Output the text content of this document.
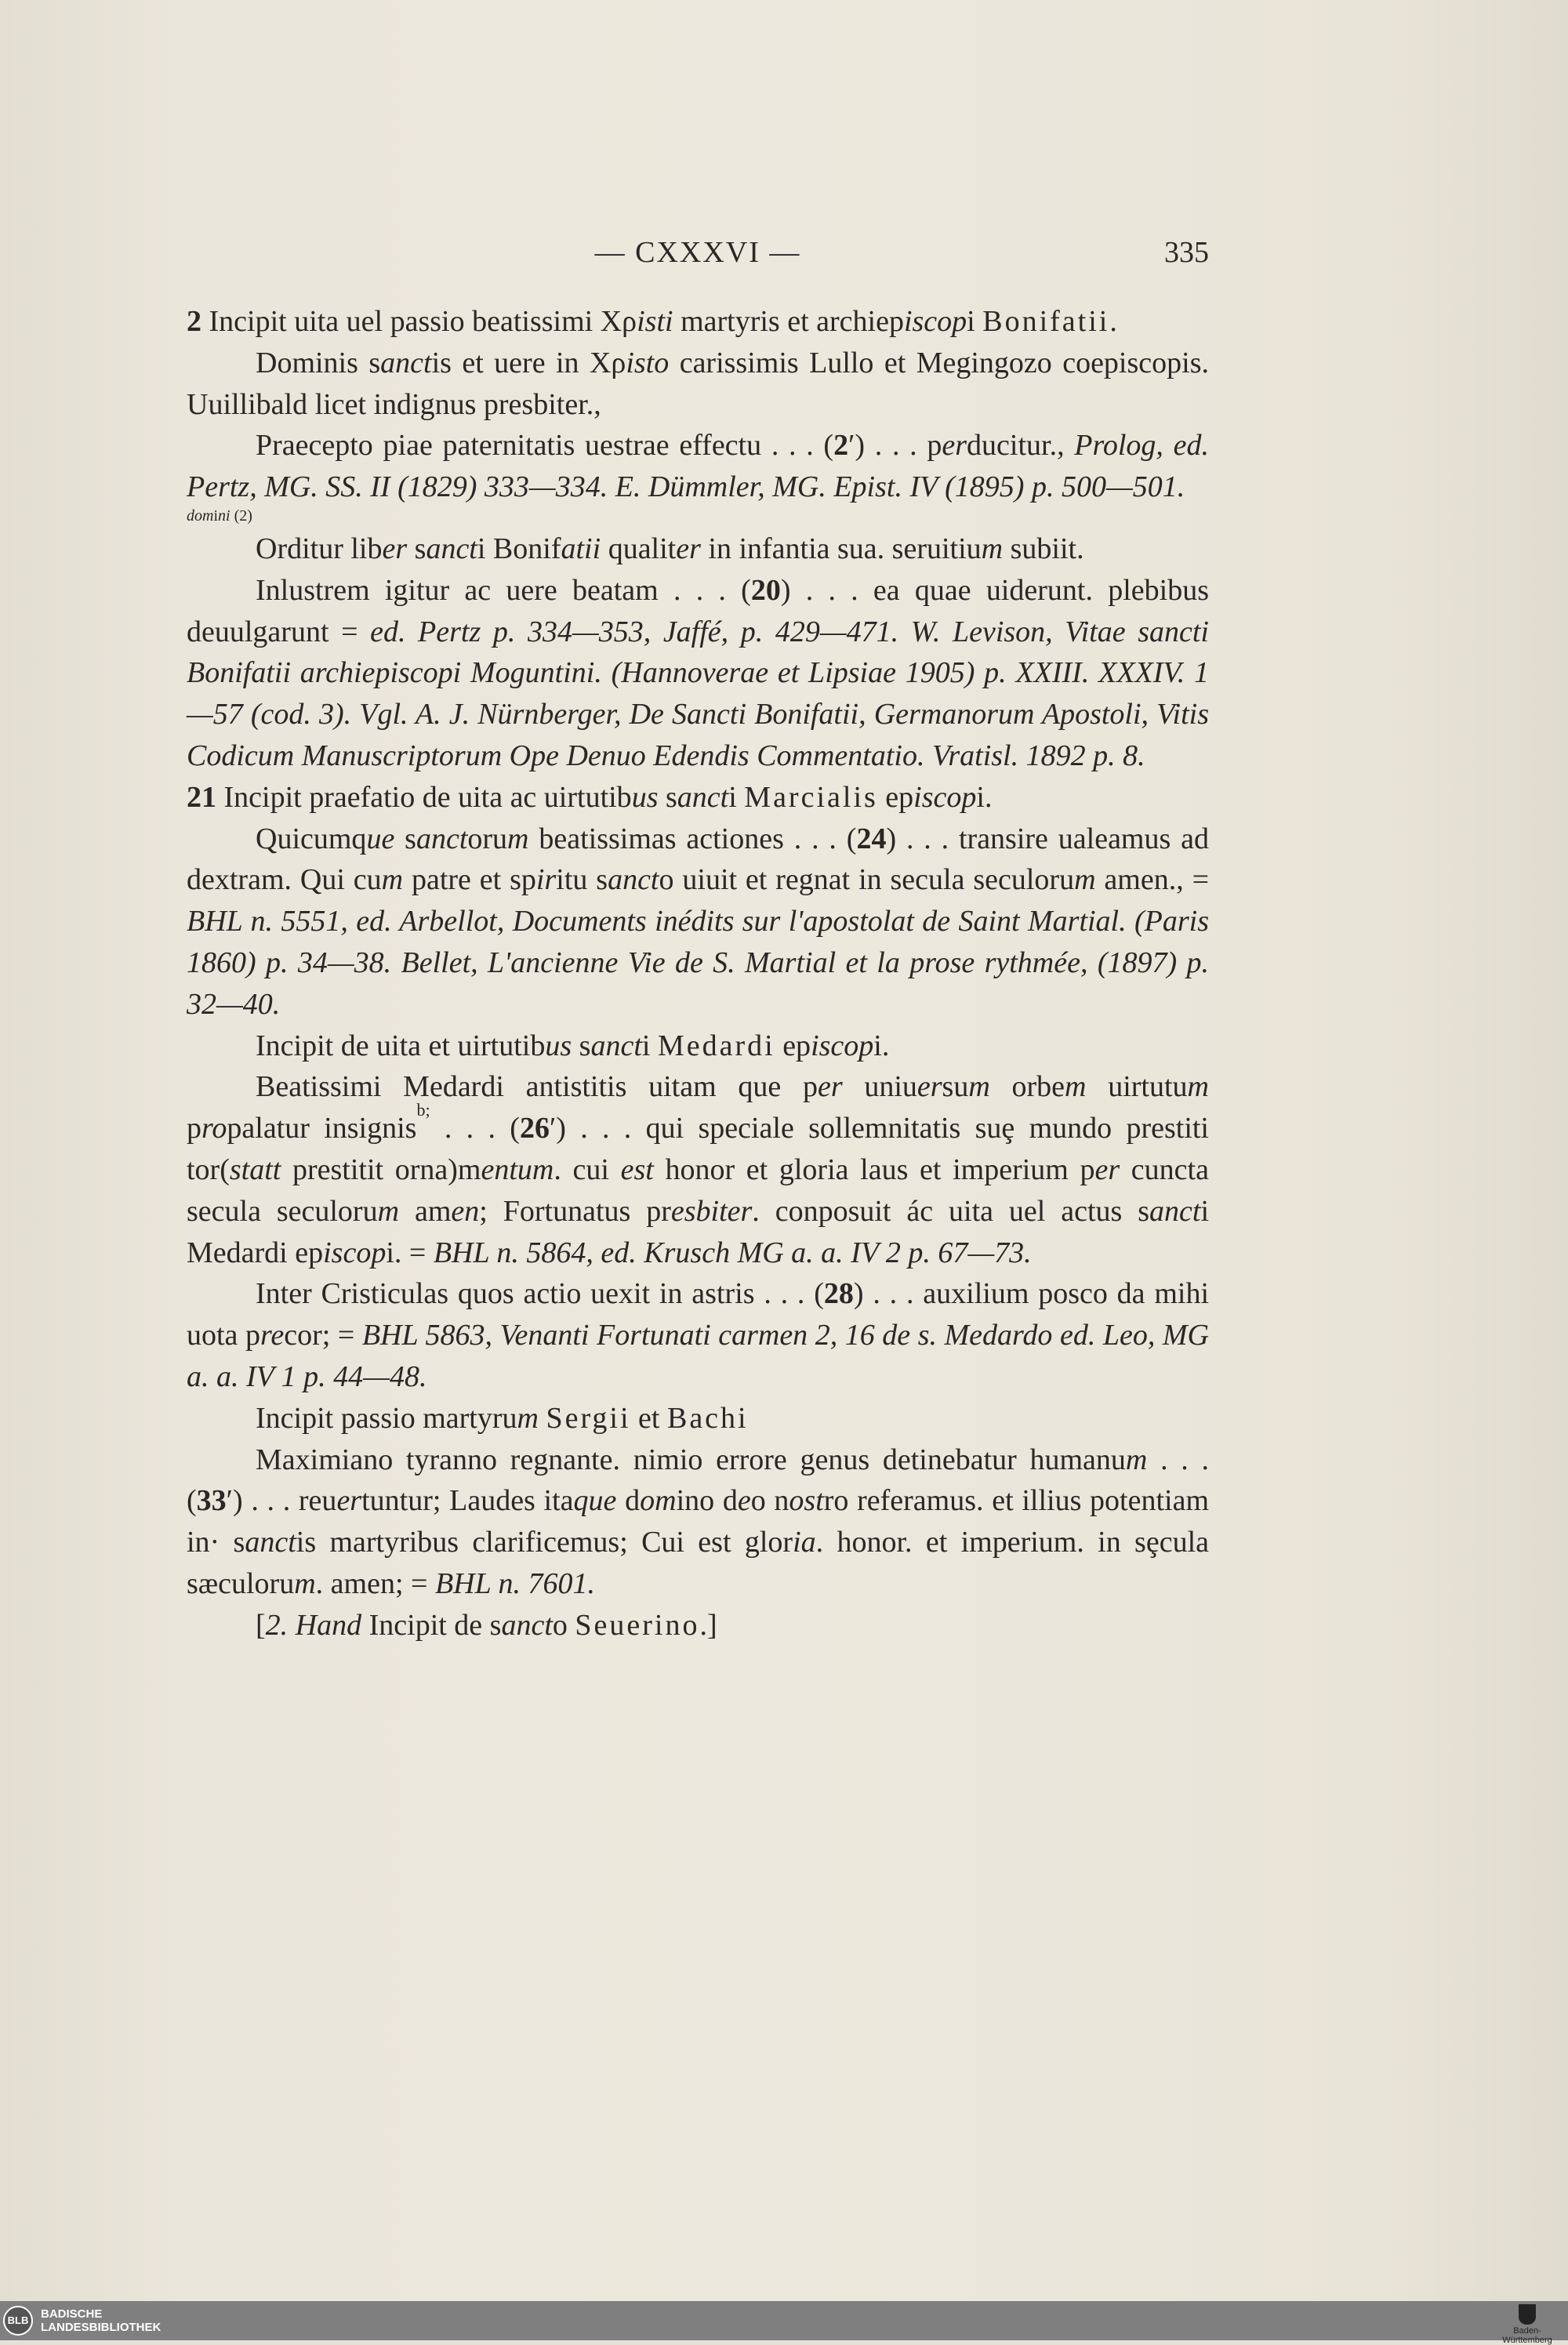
— CXXXVI —	335

2 Incipit uita uel passio beatissimi Χρisti martyris et archiepiscopi Bonifatii.

Dominis sanctis et uere in Χρisto carissimis Lullo et Megingozo coepiscopis. Uuillibald licet indignus presbiter.,

Praecepto piae paternitatis uestrae effectu . . . (2′) . . . perducitur., Prolog, ed. Pertz, MG. SS. II (1829) 333—334. E. Dümmler, MG. Epist. IV (1895) p. 500—501.

domini (2)

Orditur liber sancti Bonifatii qualiter in infantia sua. seruitium subiit.

Inlustrem igitur ac uere beatam . . . (20) . . . ea quae uiderunt. plebibus deuulgarunt = ed. Pertz p. 334—353, Jaffé, p. 429—471. W. Levison, Vitae sancti Bonifatii archiepiscopi Moguntini. (Hannoverae et Lipsiae 1905) p. XXIII. XXXIV. 1—57 (cod. 3). Vgl. A. J. Nürnberger, De Sancti Bonifatii, Germanorum Apostoli, Vitis Codicum Manuscriptorum Ope Denuo Edendis Commentatio. Vratisl. 1892 p. 8.

21 Incipit praefatio de uita ac uirtutibus sancti Marcialis episcopi.

Quicumque sanctorum beatissimas actiones . . . (24) . . . transire ualeamus ad dextram. Qui cum patre et spiritu sancto uiuit et regnat in secula seculorum amen., = BHL n. 5551, ed. Arbellot, Documents inédits sur l'apostolat de Saint Martial. (Paris 1860) p. 34—38. Bellet, L'ancienne Vie de S. Martial et la prose rythmée, (1897) p. 32—40.

Incipit de uita et uirtutibus sancti Medardi episcopi.

Beatissimi Medardi antistitis uitam que per uniuersum orbem uirtutum propalatur insignis$^{b;}$ . . . (26′) . . . qui speciale sollemnitatis suȩ mundo prestiti tor(statt prestitit orna)mentum. cui est honor et gloria laus et imperium per cuncta secula seculorum amen; Fortunatus presbiter. conposuit ác uita uel actus sancti Medardi episcopi. = BHL n. 5864, ed. Krusch MG a. a. IV 2 p. 67—73.

Inter Cristiculas quos actio uexit in astris . . . (28) . . . auxilium posco da mihi uota precor; = BHL 5863, Venanti Fortunati carmen 2, 16 de s. Medardo ed. Leo, MG a. a. IV 1 p. 44—48.

Incipit passio martyrum Sergii et Bachi

Maximiano tyranno regnante. nimio errore genus detinebatur humanum . . . (33′) . . . reuertuntur; Laudes itaque domino deo nostro referamus. et illius potentiam in· sanctis martyribus clarificemus; Cui est gloria. honor. et imperium. in sȩcula sæculorum. amen; = BHL n. 7601.

[2. Hand Incipit de sancto Seuerino.]

BLB	BADISCHE
LANDESBIBLIOTHEK	Baden-Württemberg
